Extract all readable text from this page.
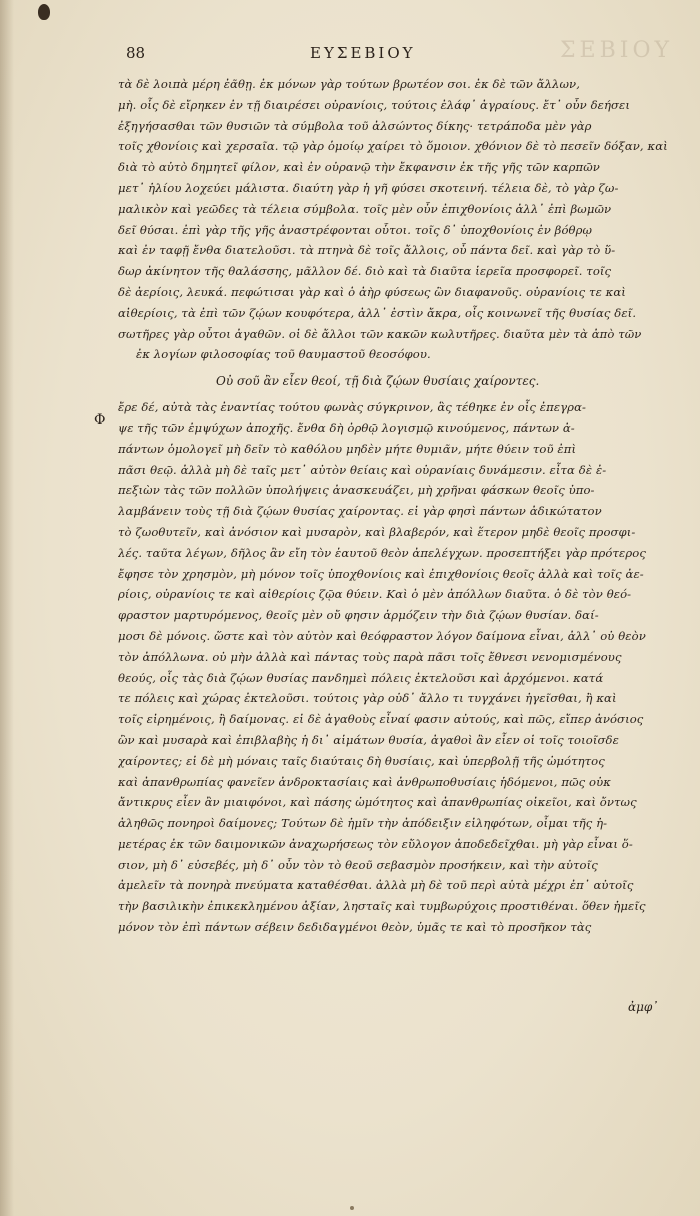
ΣΕΒΙΟΥ
88	ΕΥΣΕΒΙΟΥ
Φ
τὰ δὲ λοιπὰ μέρη ἐᾶθῃ. ἐκ μόνων γὰρ τούτων βρωτέον σοι. ἐκ δὲ τῶν ἄλλων,
μὴ. οἷς δὲ εἴρηκεν ἐν τῇ διαιρέσει οὐρανίοις, τούτοις ἐλάφ᾽ ἀγραίους. ἔτ᾽ οὖν δεήσει
ἐξηγήσασθαι τῶν θυσιῶν τὰ σύμβολα τοῦ ἀλσώντος δίκης· τετράποδα μὲν γὰρ
τοῖς χθονίοις καὶ χερσαῖα. τῷ γὰρ ὁμοίῳ χαίρει τὸ ὅμοιον. χθόνιον δὲ τὸ πεσεῖν δόξαν, καὶ
διὰ τὸ αὐτὸ δημητεῖ φίλον, καὶ ἐν οὐρανῷ τὴν ἔκφανσιν ἐκ τῆς γῆς τῶν καρπῶν
μετ᾽ ἡλίου λοχεύει μάλιστα. διαύτη γὰρ ἡ γῆ φύσει σκοτεινή. τέλεια δὲ, τὸ γὰρ ζω-
μαλικὸν καὶ γεῶδες τὰ τέλεια σύμβολα. τοῖς μὲν οὖν ἐπιχθονίοις ἀλλ᾽ ἐπὶ βωμῶν
δεῖ θύσαι. ἐπὶ γὰρ τῆς γῆς ἀναστρέφονται οὗτοι. τοῖς δ᾽ ὑποχθονίοις ἐν βόθρῳ
καὶ ἐν ταφῇ ἔνθα διατελοῦσι. τὰ πτηνὰ δὲ τοῖς ἄλλοις, οὗ πάντα δεῖ. καὶ γὰρ τὸ ὕ-
δωρ ἀκίνητον τῆς θαλάσσης, μᾶλλον δέ. διὸ καὶ τὰ διαῦτα ἱερεῖα προσφορεῖ. τοῖς
δὲ ἀερίοις, λευκά. πεφώτισαι γὰρ καὶ ὁ ἀὴρ φύσεως ὢν διαφανοῦς. οὐρανίοις τε καὶ
αἰθερίοις, τὰ ἐπὶ τῶν ζῴων κουφότερα, ἀλλ᾽ ἐστὶν ἄκρα, οἷς κοινωνεῖ τῆς θυσίας δεῖ.
σωτῆρες γὰρ οὗτοι ἀγαθῶν. οἱ δὲ ἄλλοι τῶν κακῶν κωλυτῆρες. διαῦτα μὲν τὰ ἀπὸ τῶν
ἐκ λογίων φιλοσοφίας τοῦ θαυμαστοῦ θεοσόφου.
Οὐ σοῦ ἂν εἶεν θεοί, τῇ διὰ ζῴων θυσίαις χαίροντες.
ἔρε δέ, αὐτὰ τὰς ἐναντίας τούτου φωνὰς σύγκρινον, ἃς τέθηκε ἐν οἷς ἐπεγρα-
ψε τῆς τῶν ἐμψύχων ἀποχῆς. ἔνθα δὴ ὀρθῷ λογισμῷ κινούμενος, πάντων ἀ-
πάντων ὁμολογεῖ μὴ δεῖν τὸ καθόλου μηδὲν μήτε θυμιᾶν, μήτε θύειν τοῦ ἐπὶ
πᾶσι θεῷ. ἀλλὰ μὴ δὲ ταῖς μετ᾽ αὐτὸν θείαις καὶ οὐρανίαις δυνάμεσιν. εἶτα δὲ ἐ-
πεξιὼν τὰς τῶν πολλῶν ὑπολήψεις ἀνασκευάζει, μὴ χρῆναι φάσκων θεοῖς ὑπο-
λαμβάνειν τοὺς τῇ διὰ ζῴων θυσίας χαίροντας. εἰ γὰρ φησὶ πάντων ἀδικώτατον
τὸ ζωοθυτεῖν, καὶ ἀνόσιον καὶ μυσαρὸν, καὶ βλαβερόν, καὶ ἕτερον μηδὲ θεοῖς προσφι-
λές. ταῦτα λέγων, δῆλος ἂν εἴη τὸν ἑαυτοῦ θεὸν ἀπελέγχων. προσεπτήξει γὰρ πρότερος
ἔφησε τὸν χρησμὸν, μὴ μόνον τοῖς ὑποχθονίοις καὶ ἐπιχθονίοις θεοῖς ἀλλὰ καὶ τοῖς ἀε-
ρίοις, οὐρανίοις τε καὶ αἰθερίοις ζῷα θύειν. Καὶ ὁ μὲν ἀπόλλων διαῦτα. ὁ δὲ τὸν θεό-
φραστον μαρτυρόμενος, θεοῖς μὲν οὔ φησιν ἁρμόζειν τὴν διὰ ζῴων θυσίαν. δαί-
μοσι δὲ μόνοις. ὥστε καὶ τὸν αὐτὸν καὶ θεόφραστον λόγον δαίμονα εἶναι, ἀλλ᾽ οὐ θεὸν
τὸν ἀπόλλωνα. οὐ μὴν ἀλλὰ καὶ πάντας τοὺς παρὰ πᾶσι τοῖς ἔθνεσι νενομισμένους
θεούς, οἷς τὰς διὰ ζῴων θυσίας πανδημεὶ πόλεις ἐκτελοῦσι καὶ ἀρχόμενοι. κατά
τε πόλεις καὶ χώρας ἐκτελοῦσι. τούτοις γὰρ οὐδ᾽ ἄλλο τι τυγχάνει ἡγεῖσθαι, ἢ καὶ
τοῖς εἰρημένοις, ἢ δαίμονας. εἰ δὲ ἀγαθοὺς εἶναί φασιν αὐτούς, καὶ πῶς, εἴπερ ἀνόσιος
ὢν καὶ μυσαρὰ καὶ ἐπιβλαβὴς ἡ δι᾽ αἱμάτων θυσία, ἀγαθοὶ ἂν εἶεν οἱ τοῖς τοιοῖσδε
χαίροντες; εἰ δὲ μὴ μόναις ταῖς διαύταις δὴ θυσίαις, καὶ ὑπερβολῇ τῆς ὠμότητος
καὶ ἀπανθρωπίας φανεῖεν ἀνδροκτασίαις καὶ ἀνθρωποθυσίαις ἡδόμενοι, πῶς οὐκ
ἄντικρυς εἶεν ἂν μιαιφόνοι, καὶ πάσης ὠμότητος καὶ ἀπανθρωπίας οἰκεῖοι, καὶ ὄντως
ἀληθῶς πονηροὶ δαίμονες; Τούτων δὲ ἡμῖν τὴν ἀπόδειξιν εἰληφότων, οἶμαι τῆς ἡ-
μετέρας ἐκ τῶν δαιμονικῶν ἀναχωρήσεως τὸν εὔλογον ἀποδεδεῖχθαι. μὴ γὰρ εἶναι ὅ-
σιον, μὴ δ᾽ εὐσεβές, μὴ δ᾽ οὖν τὸν τὸ θεοῦ σεβασμὸν προσήκειν, καὶ τὴν αὐτοῖς
ἀμελεῖν τὰ πονηρὰ πνεύματα καταθέσθαι. ἀλλὰ μὴ δὲ τοῦ περὶ αὐτὰ μέχρι ἐπ᾽ αὐτοῖς
τὴν βασιλικὴν ἐπικεκλημένου ἀξίαν, λησταῖς καὶ τυμβωρύχοις προστιθέναι. ὅθεν ἡμεῖς
μόνον τὸν ἐπὶ πάντων σέβειν δεδιδαγμένοι θεὸν, ὑμᾶς τε καὶ τὸ προσῆκον τὰς
ἀμφ᾽
